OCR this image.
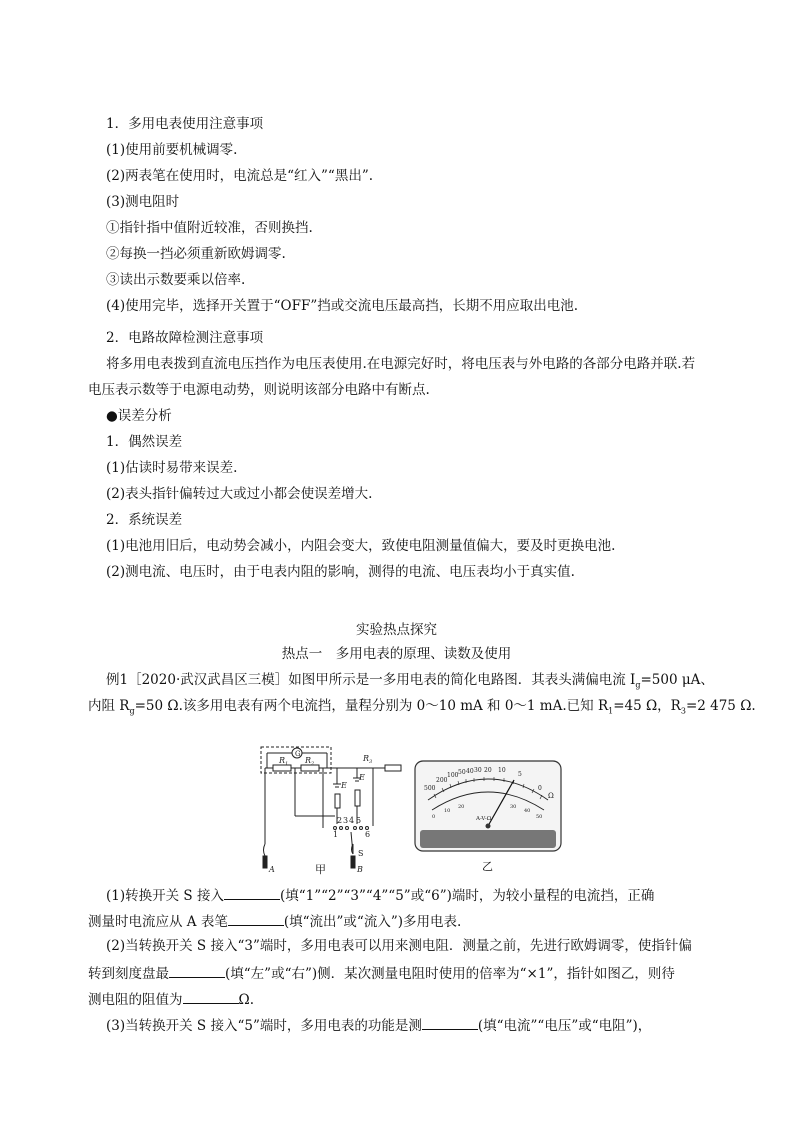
1．多用电表使用注意事项
(1)使用前要机械调零.
(2)两表笔在使用时，电流总是“红入”“黑出”.
(3)测电阻时
①指针指中值附近较准，否则换挡.
②每换一挡必须重新欧姆调零.
③读出示数要乘以倍率.
(4)使用完毕，选择开关置于“OFF”挡或交流电压最高挡，长期不用应取出电池.
2．电路故障检测注意事项
将多用电表拨到直流电压挡作为电压表使用.在电源完好时，将电压表与外电路的各部分电路并联.若
电压表示数等于电源电动势，则说明该部分电路中有断点.
●误差分析
1．偶然误差
(1)估读时易带来误差.
(2)表头指针偏转过大或过小都会使误差增大.
2．系统误差
(1)电池用旧后，电动势会减小，内阻会变大，致使电阻测量值偏大，要及时更换电池.
(2)测电流、电压时，由于电表内阻的影响，测得的电流、电压表均小于真实值.
实验热点探究
热点一　多用电表的原理、读数及使用
例1［2020·武汉武昌区三模］如图甲所示是一多用电表的简化电路图．其表头满偏电流 $I_g=500$ μA、
内阻 $R_g=50$ Ω.该多用电表有两个电流挡，量程分别为 0～10 mA 和 0～1 mA.已知 $R_1=45$ Ω，$R_3=2$ 475 Ω.
G
$R_1$ $R_2$
$R_3$
E
E
2 3 4 5
1	6
S
A	B
甲
500
200
100 50 40 30 20 10
5
0
Ω
A-V-Ω
0
10
20	30
40
50
乙
(1)转换开关 S 接入	(填“1”“2”“3”“4”“5”或“6”)端时，为较小量程的电流挡，正确
测量时电流应从 A 表笔	(填“流出”或“流入”)多用电表.
(2)当转换开关 S 接入“3”端时，多用电表可以用来测电阻．测量之前，先进行欧姆调零，使指针偏
转到刻度盘最	(填“左”或“右”)侧．某次测量电阻时使用的倍率为“×1”，指针如图乙，则待
测电阻的阻值为	Ω.
(3)当转换开关 S 接入“5”端时，多用电表的功能是测	(填“电流”“电压”或“电阻”)，
